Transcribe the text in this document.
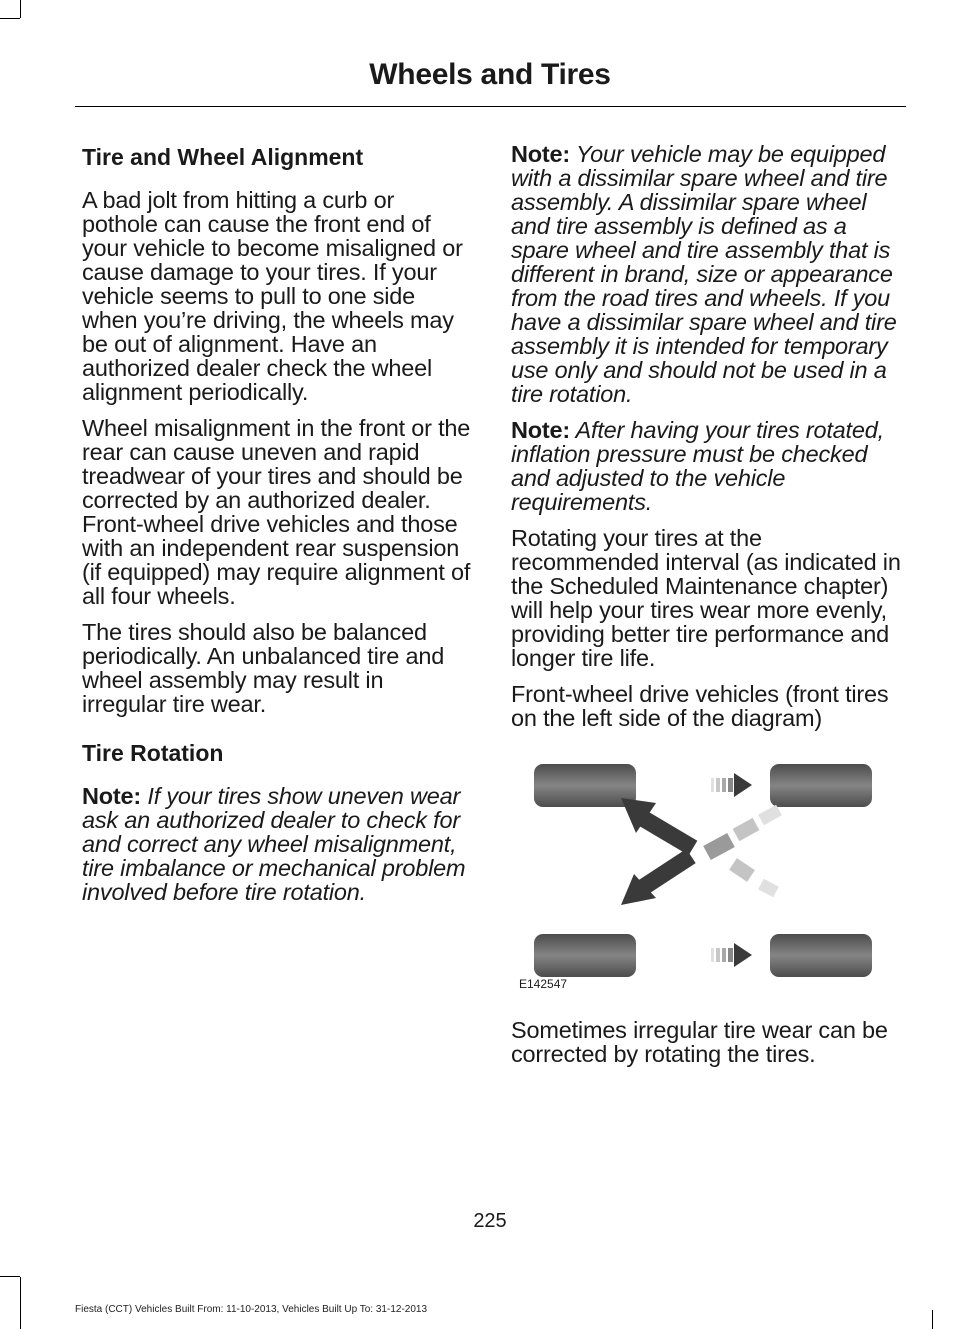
Wheels and Tires
Tire and Wheel Alignment

A bad jolt from hitting a curb or pothole can cause the front end of your vehicle to become misaligned or cause damage to your tires. If your vehicle seems to pull to one side when you’re driving, the wheels may be out of alignment. Have an authorized dealer check the wheel alignment periodically.

Wheel misalignment in the front or the rear can cause uneven and rapid treadwear of your tires and should be corrected by an authorized dealer. Front-wheel drive vehicles and those with an independent rear suspension (if equipped) may require alignment of all four wheels.

The tires should also be balanced periodically. An unbalanced tire and wheel assembly may result in irregular tire wear.

Tire Rotation

Note: If your tires show uneven wear ask an authorized dealer to check for and correct any wheel misalignment, tire imbalance or mechanical problem involved before tire rotation.

Note: Your vehicle may be equipped with a dissimilar spare wheel and tire assembly. A dissimilar spare wheel and tire assembly is defined as a spare wheel and tire assembly that is different in brand, size or appearance from the road tires and wheels. If you have a dissimilar spare wheel and tire assembly it is intended for temporary use only and should not be used in a tire rotation.

Note: After having your tires rotated, inflation pressure must be checked and adjusted to the vehicle requirements.

Rotating your tires at the recommended interval (as indicated in the Scheduled Maintenance chapter) will help your tires wear more evenly, providing better tire performance and longer tire life.

Front-wheel drive vehicles (front tires on the left side of the diagram)

E142547

Sometimes irregular tire wear can be corrected by rotating the tires.

225
Fiesta (CCT) Vehicles Built From: 11-10-2013, Vehicles Built Up To: 31-12-2013
